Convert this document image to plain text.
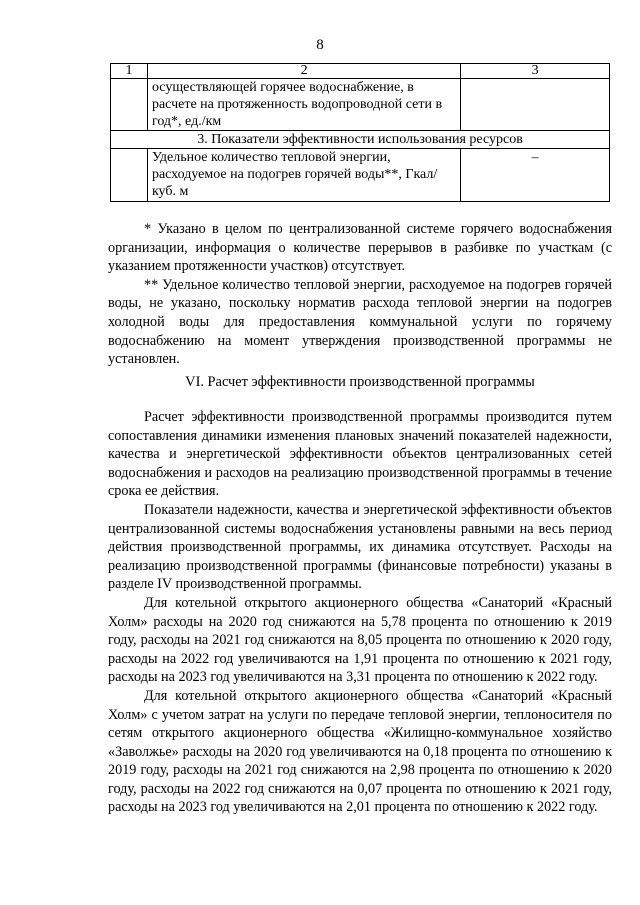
8
1	2	3
	осуществляющей горячее водоснабжение, в расчете на протяженность водопроводной сети в год*, ед./км	
3. Показатели эффективности использования ресурсов		
	Удельное количество тепловой энергии, расходуемое на подогрев горячей воды**, Гкал/ куб. м	–

* Указано в целом по централизованной системе горячего водоснабжения организации, информация о количестве перерывов в разбивке по участкам (с указанием протяженности участков) отсутствует.

** Удельное количество тепловой энергии, расходуемое на подогрев горячей воды, не указано, поскольку норматив расхода тепловой энергии на подогрев холодной воды для предоставления коммунальной услуги по горячему водоснабжению на момент утверждения производственной программы не установлен.

VI. Расчет эффективности производственной программы

Расчет эффективности производственной программы производится путем сопоставления динамики изменения плановых значений показателей надежности, качества и энергетической эффективности объектов централизованных сетей водоснабжения и расходов на реализацию производственной программы в течение срока ее действия.

Показатели надежности, качества и энергетической эффективности объектов централизованной системы водоснабжения установлены равными на весь период действия производственной программы, их динамика отсутствует. Расходы на реализацию производственной программы (финансовые потребности) указаны в разделе IV производственной программы.

Для котельной открытого акционерного общества «Санаторий «Красный Холм» расходы на 2020 год снижаются на 5,78 процента по отношению к 2019 году, расходы на 2021 год снижаются на 8,05 процента по отношению к 2020 году, расходы на 2022 год увеличиваются на 1,91 процента по отношению к 2021 году, расходы на 2023 год увеличиваются на 3,31 процента по отношению к 2022 году.

Для котельной открытого акционерного общества «Санаторий «Красный Холм» с учетом затрат на услуги по передаче тепловой энергии, теплоносителя по сетям открытого акционерного общества «Жилищно-коммунальное хозяйство «Заволжье» расходы на 2020 год увеличиваются на 0,18 процента по отношению к 2019 году, расходы на 2021 год снижаются на 2,98 процента по отношению к 2020 году, расходы на 2022 год снижаются на 0,07 процента по отношению к 2021 году, расходы на 2023 год увеличиваются на 2,01 процента по отношению к 2022 году.
